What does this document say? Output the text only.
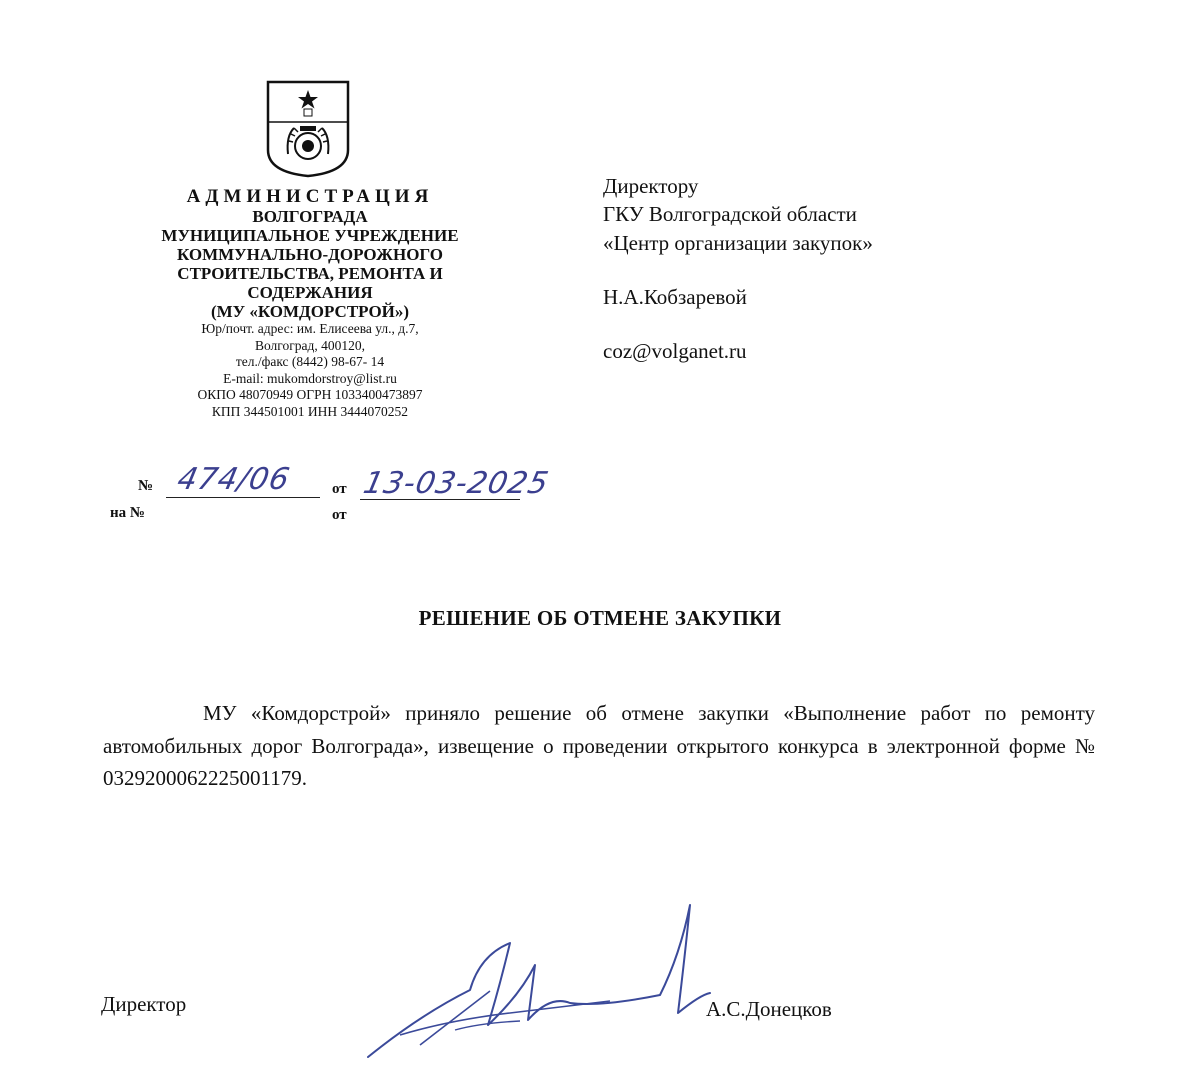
АДМИНИСТРАЦИЯ
ВОЛГОГРАДА
МУНИЦИПАЛЬНОЕ УЧРЕЖДЕНИЕ
КОММУНАЛЬНО-ДОРОЖНОГО
СТРОИТЕЛЬСТВА, РЕМОНТА И
СОДЕРЖАНИЯ
(МУ «КОМДОРСТРОЙ»)
Юр/почт. адрес: им. Елисеева ул., д.7,
Волгоград, 400120,
тел./факс (8442) 98-67- 14
E-mail: mukomdorstroy@list.ru
ОКПО 48070949 ОГРН 1033400473897
КПП 344501001 ИНН 3444070252
№ 474/06	от 13-03-2025
на №	от
Директору
ГКУ Волгоградской области
«Центр организации закупок»
Н.А.Кобзаревой
coz@volganet.ru
РЕШЕНИЕ ОБ ОТМЕНЕ ЗАКУПКИ
МУ «Комдорстрой» приняло решение об отмене закупки «Выполнение работ по ремонту автомобильных дорог Волгограда», извещение о проведении открытого конкурса в электронной форме № 0329200062225001179.
Директор	А.С.Донецков
